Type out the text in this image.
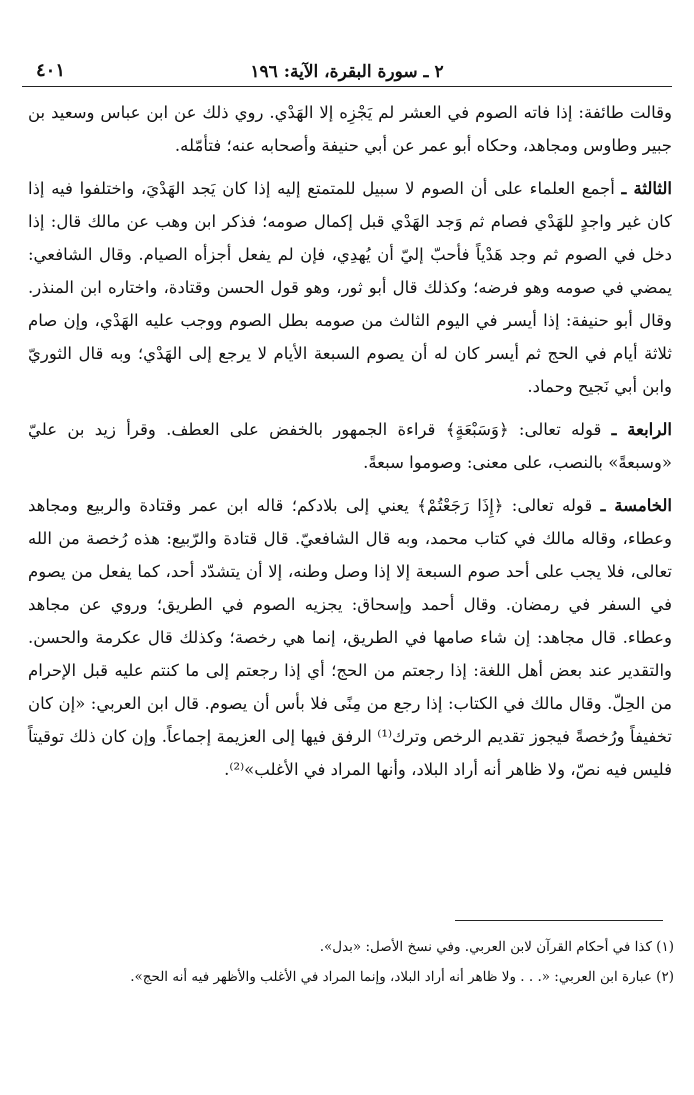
٤٠١	٢ ـ سورة البقرة، الآية: ١٩٦

وقالت طائفة: إذا فاته الصوم في العشر لم يَجْزِه إلا الهَدْي. روي ذلك عن ابن عباس وسعيد بن جبير وطاوس ومجاهد، وحكاه أبو عمر عن أبي حنيفة وأصحابه عنه؛ فتأمّله.

الثالثة ـ أجمع العلماء على أن الصوم لا سبيل للمتمتع إليه إذا كان يَجد الهَدْيَ، واختلفوا فيه إذا كان غير واجدٍ للهَدْي فصام ثم وَجد الهَدْي قبل إكمال صومه؛ فذكر ابن وهب عن مالك قال: إذا دخل في الصوم ثم وجد هَدْياً فأحبّ إليّ أن يُهدِي، فإن لم يفعل أجزأه الصيام. وقال الشافعي: يمضي في صومه وهو فرضه؛ وكذلك قال أبو ثور، وهو قول الحسن وقتادة، واختاره ابن المنذر. وقال أبو حنيفة: إذا أيسر في اليوم الثالث من صومه بطل الصوم ووجب عليه الهَدْي، وإن صام ثلاثة أيام في الحج ثم أيسر كان له أن يصوم السبعة الأيام لا يرجع إلى الهَدْي؛ وبه قال الثوريّ وابن أبي نَجيح وحماد.

الرابعة ـ قوله تعالى: ﴿وَسَبْعَةٍ﴾ قراءة الجمهور بالخفض على العطف. وقرأ زيد بن عليّ «وسبعةً» بالنصب، على معنى: وصوموا سبعةً.

الخامسة ـ قوله تعالى: ﴿إِذَا رَجَعْتُمْ﴾ يعني إلى بلادكم؛ قاله ابن عمر وقتادة والربيع ومجاهد وعطاء، وقاله مالك في كتاب محمد، وبه قال الشافعيّ. قال قتادة والرّبيع: هذه رُخصة من الله تعالى، فلا يجب على أحد صوم السبعة إلا إذا وصل وطنه، إلا أن يتشدّد أحد، كما يفعل من يصوم في السفر في رمضان. وقال أحمد وإسحاق: يجزيه الصوم في الطريق؛ وروي عن مجاهد وعطاء. قال مجاهد: إن شاء صامها في الطريق، إنما هي رخصة؛ وكذلك قال عكرمة والحسن. والتقدير عند بعض أهل اللغة: إذا رجعتم من الحج؛ أي إذا رجعتم إلى ما كنتم عليه قبل الإحرام من الحِلّ. وقال مالك في الكتاب: إذا رجع من مِنًى فلا بأس أن يصوم. قال ابن العربي: «إن كان تخفيفاً ورُخصةً فيجوز تقديم الرخص وترك⁽¹⁾ الرفق فيها إلى العزيمة إجماعاً. وإن كان ذلك توقيتاً فليس فيه نصّ، ولا ظاهر أنه أراد البلاد، وأنها المراد في الأغلب»⁽²⁾.

(١) كذا في أحكام القرآن لابن العربي. وفي نسخ الأصل: «بدل».

(٢) عبارة ابن العربي: «. . . ولا ظاهر أنه أراد البلاد، وإنما المراد في الأغلب والأظهر فيه أنه الحج».
